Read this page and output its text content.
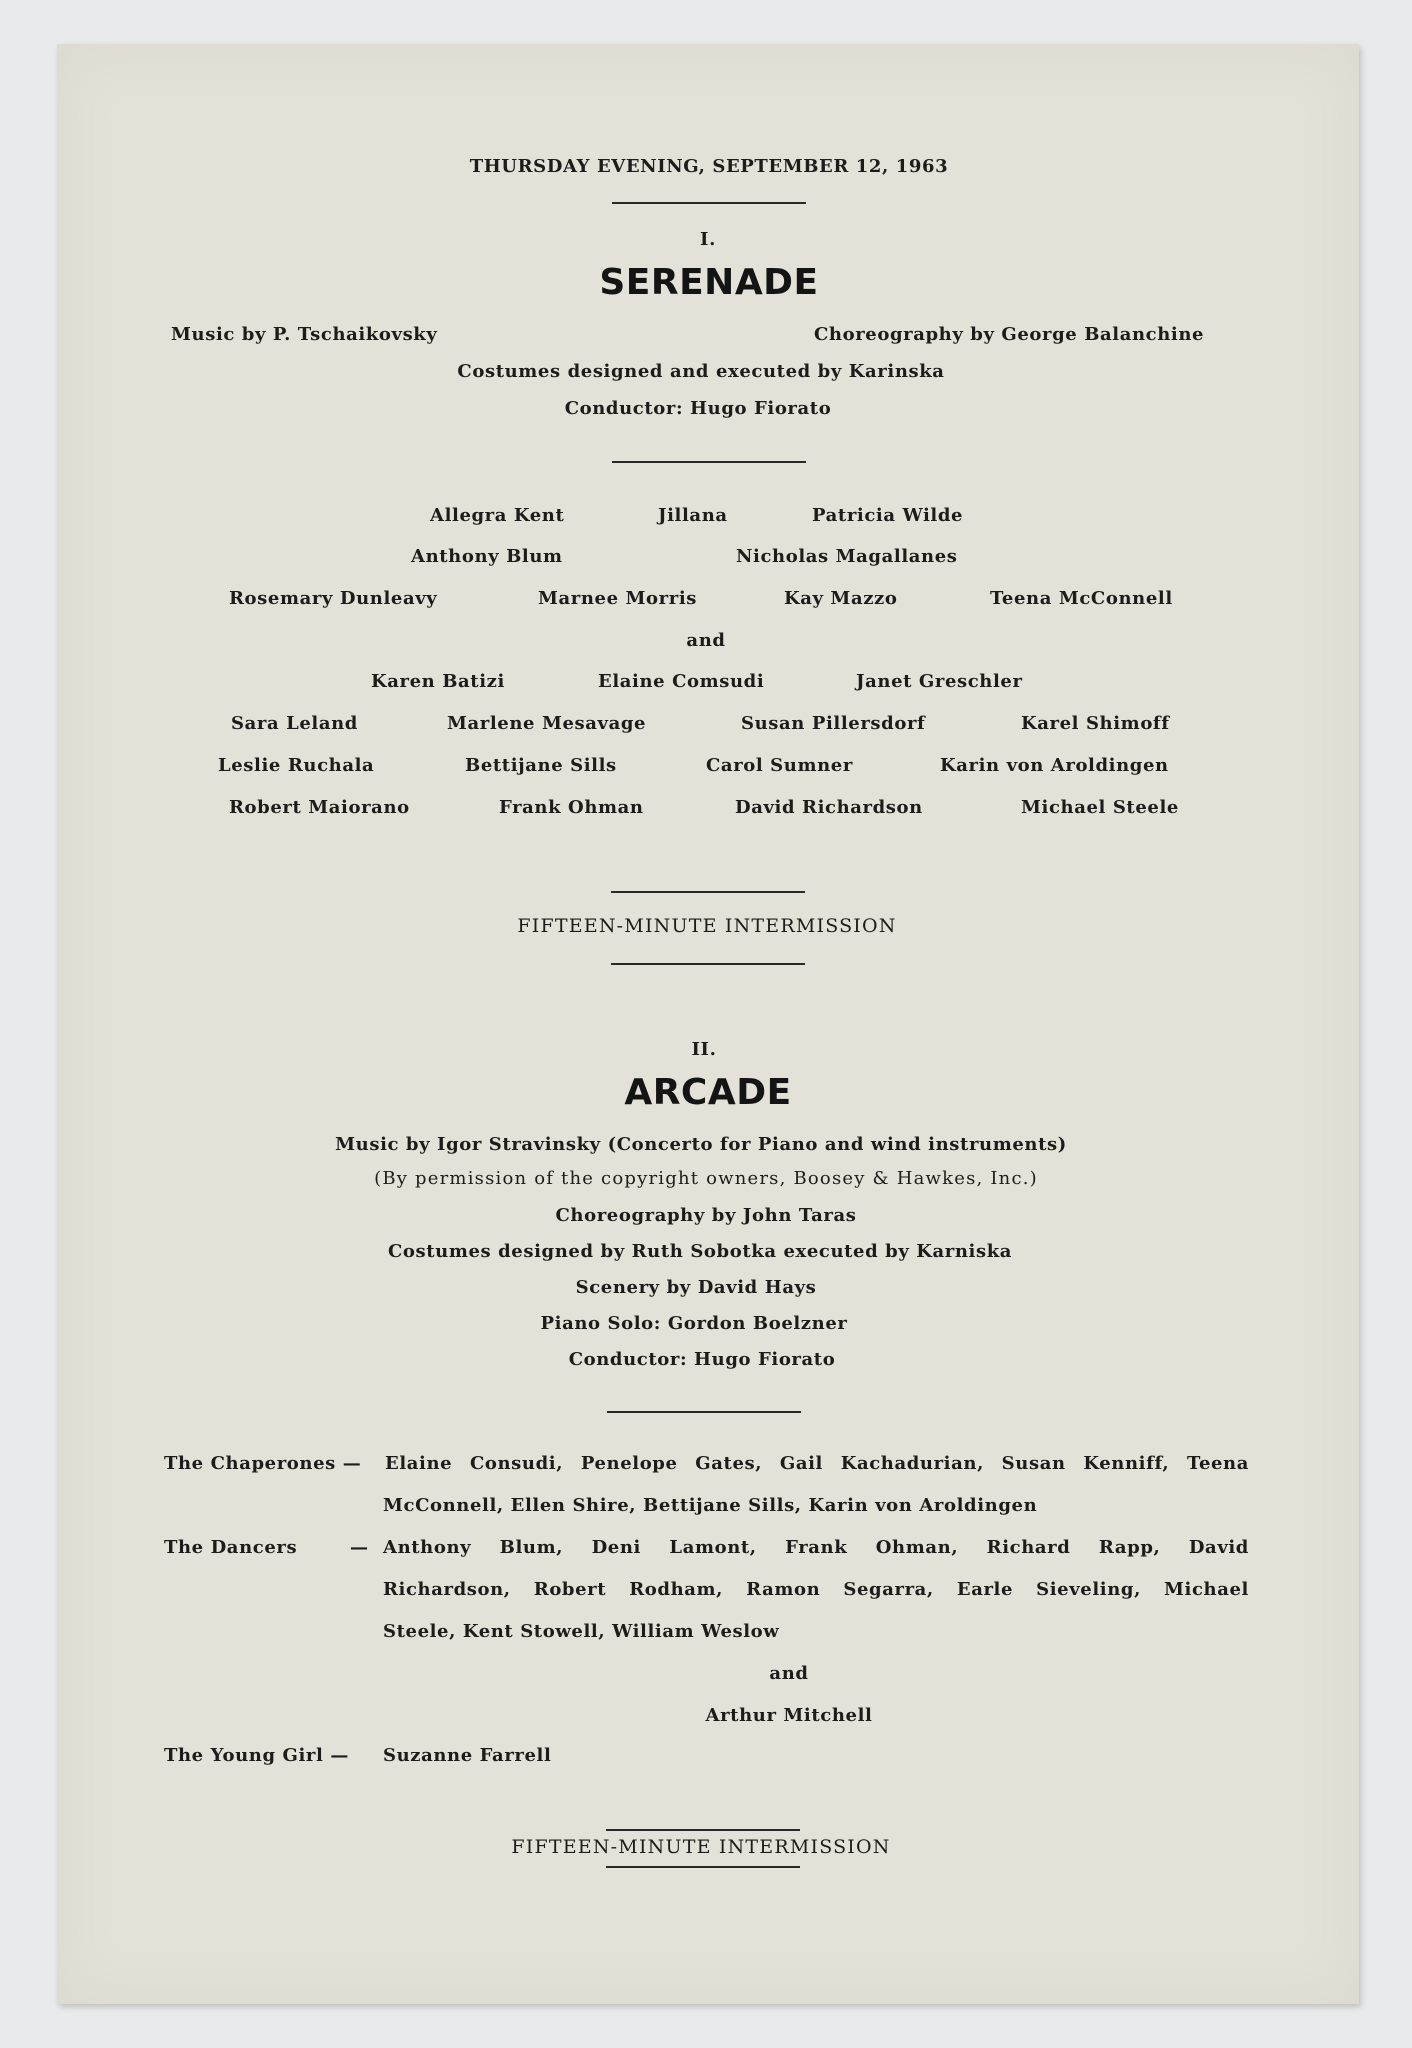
THURSDAY EVENING, SEPTEMBER 12, 1963
I.
SERENADE
Music by P. Tschaikovsky	Choreography by George Balanchine
Costumes designed and executed by Karinska
Conductor: Hugo Fiorato
Allegra Kent	Jillana	Patricia Wilde
Anthony Blum	Nicholas Magallanes
Rosemary Dunleavy	Marnee Morris	Kay Mazzo	Teena McConnell
and
Karen Batizi	Elaine Comsudi	Janet Greschler
Sara Leland	Marlene Mesavage	Susan Pillersdorf	Karel Shimoff
Leslie Ruchala	Bettijane Sills	Carol Sumner	Karin von Aroldingen
Robert Maiorano	Frank Ohman	David Richardson	Michael Steele
FIFTEEN-MINUTE INTERMISSION
II.
ARCADE
Music by Igor Stravinsky (Concerto for Piano and wind instruments)
(By permission of the copyright owners, Boosey & Hawkes, Inc.)
Choreography by John Taras
Costumes designed by Ruth Sobotka executed by Karniska
Scenery by David Hays
Piano Solo: Gordon Boelzner
Conductor: Hugo Fiorato
The Chaperones — Elaine Consudi, Penelope Gates, Gail Kachadurian, Susan Kenniff, Teena
McConnell, Ellen Shire, Bettijane Sills, Karin von Aroldingen
The Dancers	— Anthony Blum, Deni Lamont, Frank Ohman, Richard Rapp, David
Richardson, Robert Rodham, Ramon Segarra, Earle Sieveling, Michael
Steele, Kent Stowell, William Weslow
and
Arthur Mitchell
The Young Girl — Suzanne Farrell
FIFTEEN-MINUTE INTERMISSION
